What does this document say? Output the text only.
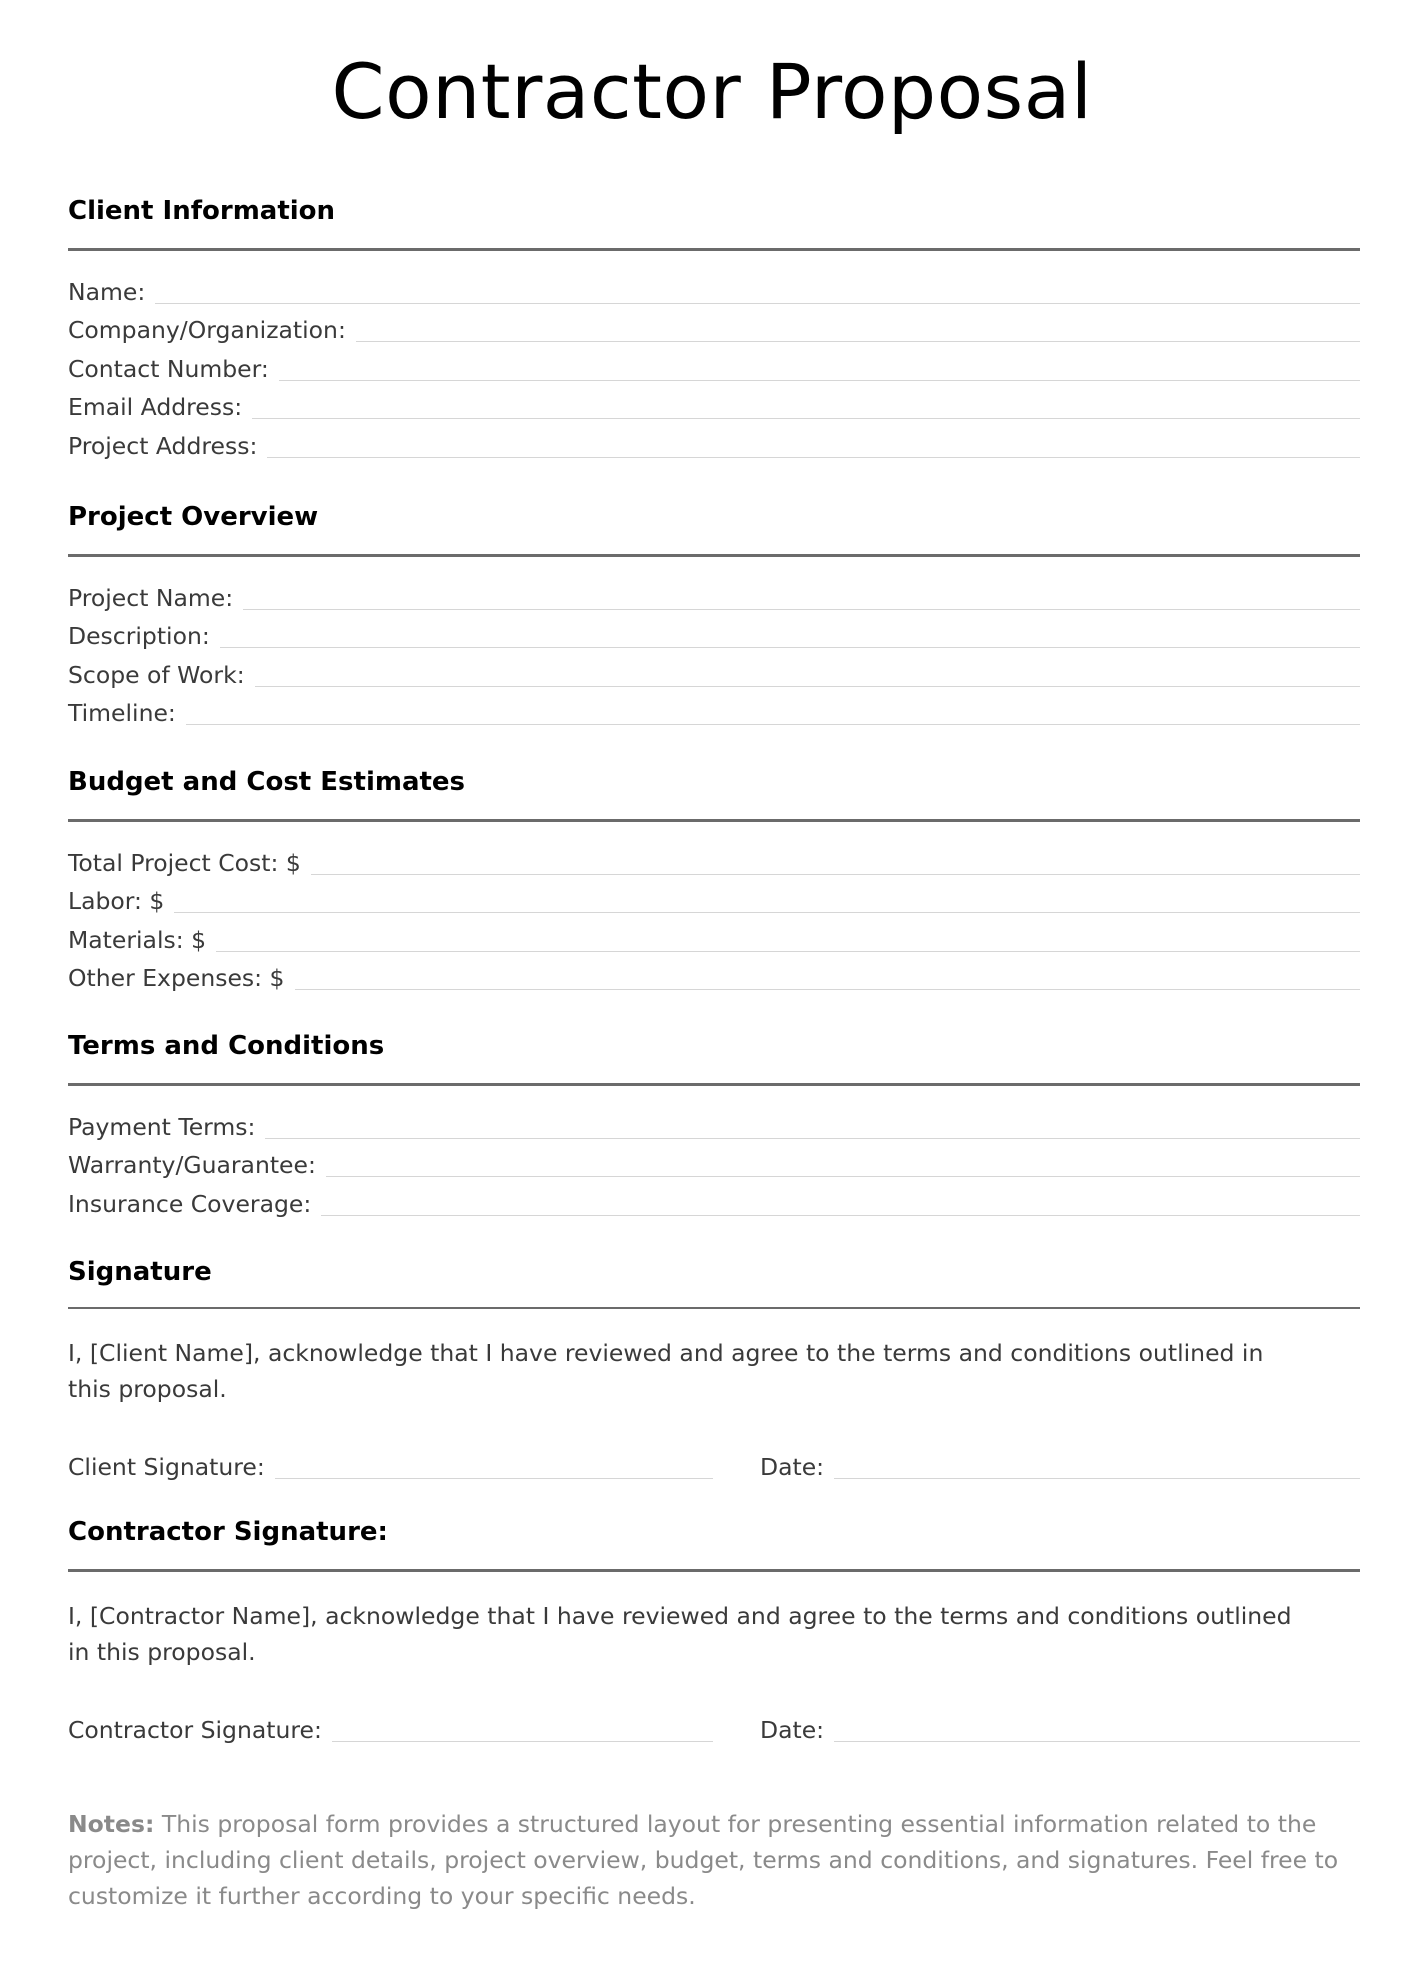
Contractor Proposal
Client Information
Name:
Company/Organization:
Contact Number:
Email Address:
Project Address:
Project Overview
Project Name:
Description:
Scope of Work:
Timeline:
Budget and Cost Estimates
Total Project Cost: $
Labor: $
Materials: $
Other Expenses: $
Terms and Conditions
Payment Terms:
Warranty/Guarantee:
Insurance Coverage:
Signature
I, [Client Name], acknowledge that I have reviewed and agree to the terms and conditions outlined in this proposal.
Client Signature:	Date:
Contractor Signature:
I, [Contractor Name], acknowledge that I have reviewed and agree to the terms and conditions outlined in this proposal.
Contractor Signature:	Date:
Notes: This proposal form provides a structured layout for presenting essential information related to the project, including client details, project overview, budget, terms and conditions, and signatures. Feel free to customize it further according to your specific needs.
